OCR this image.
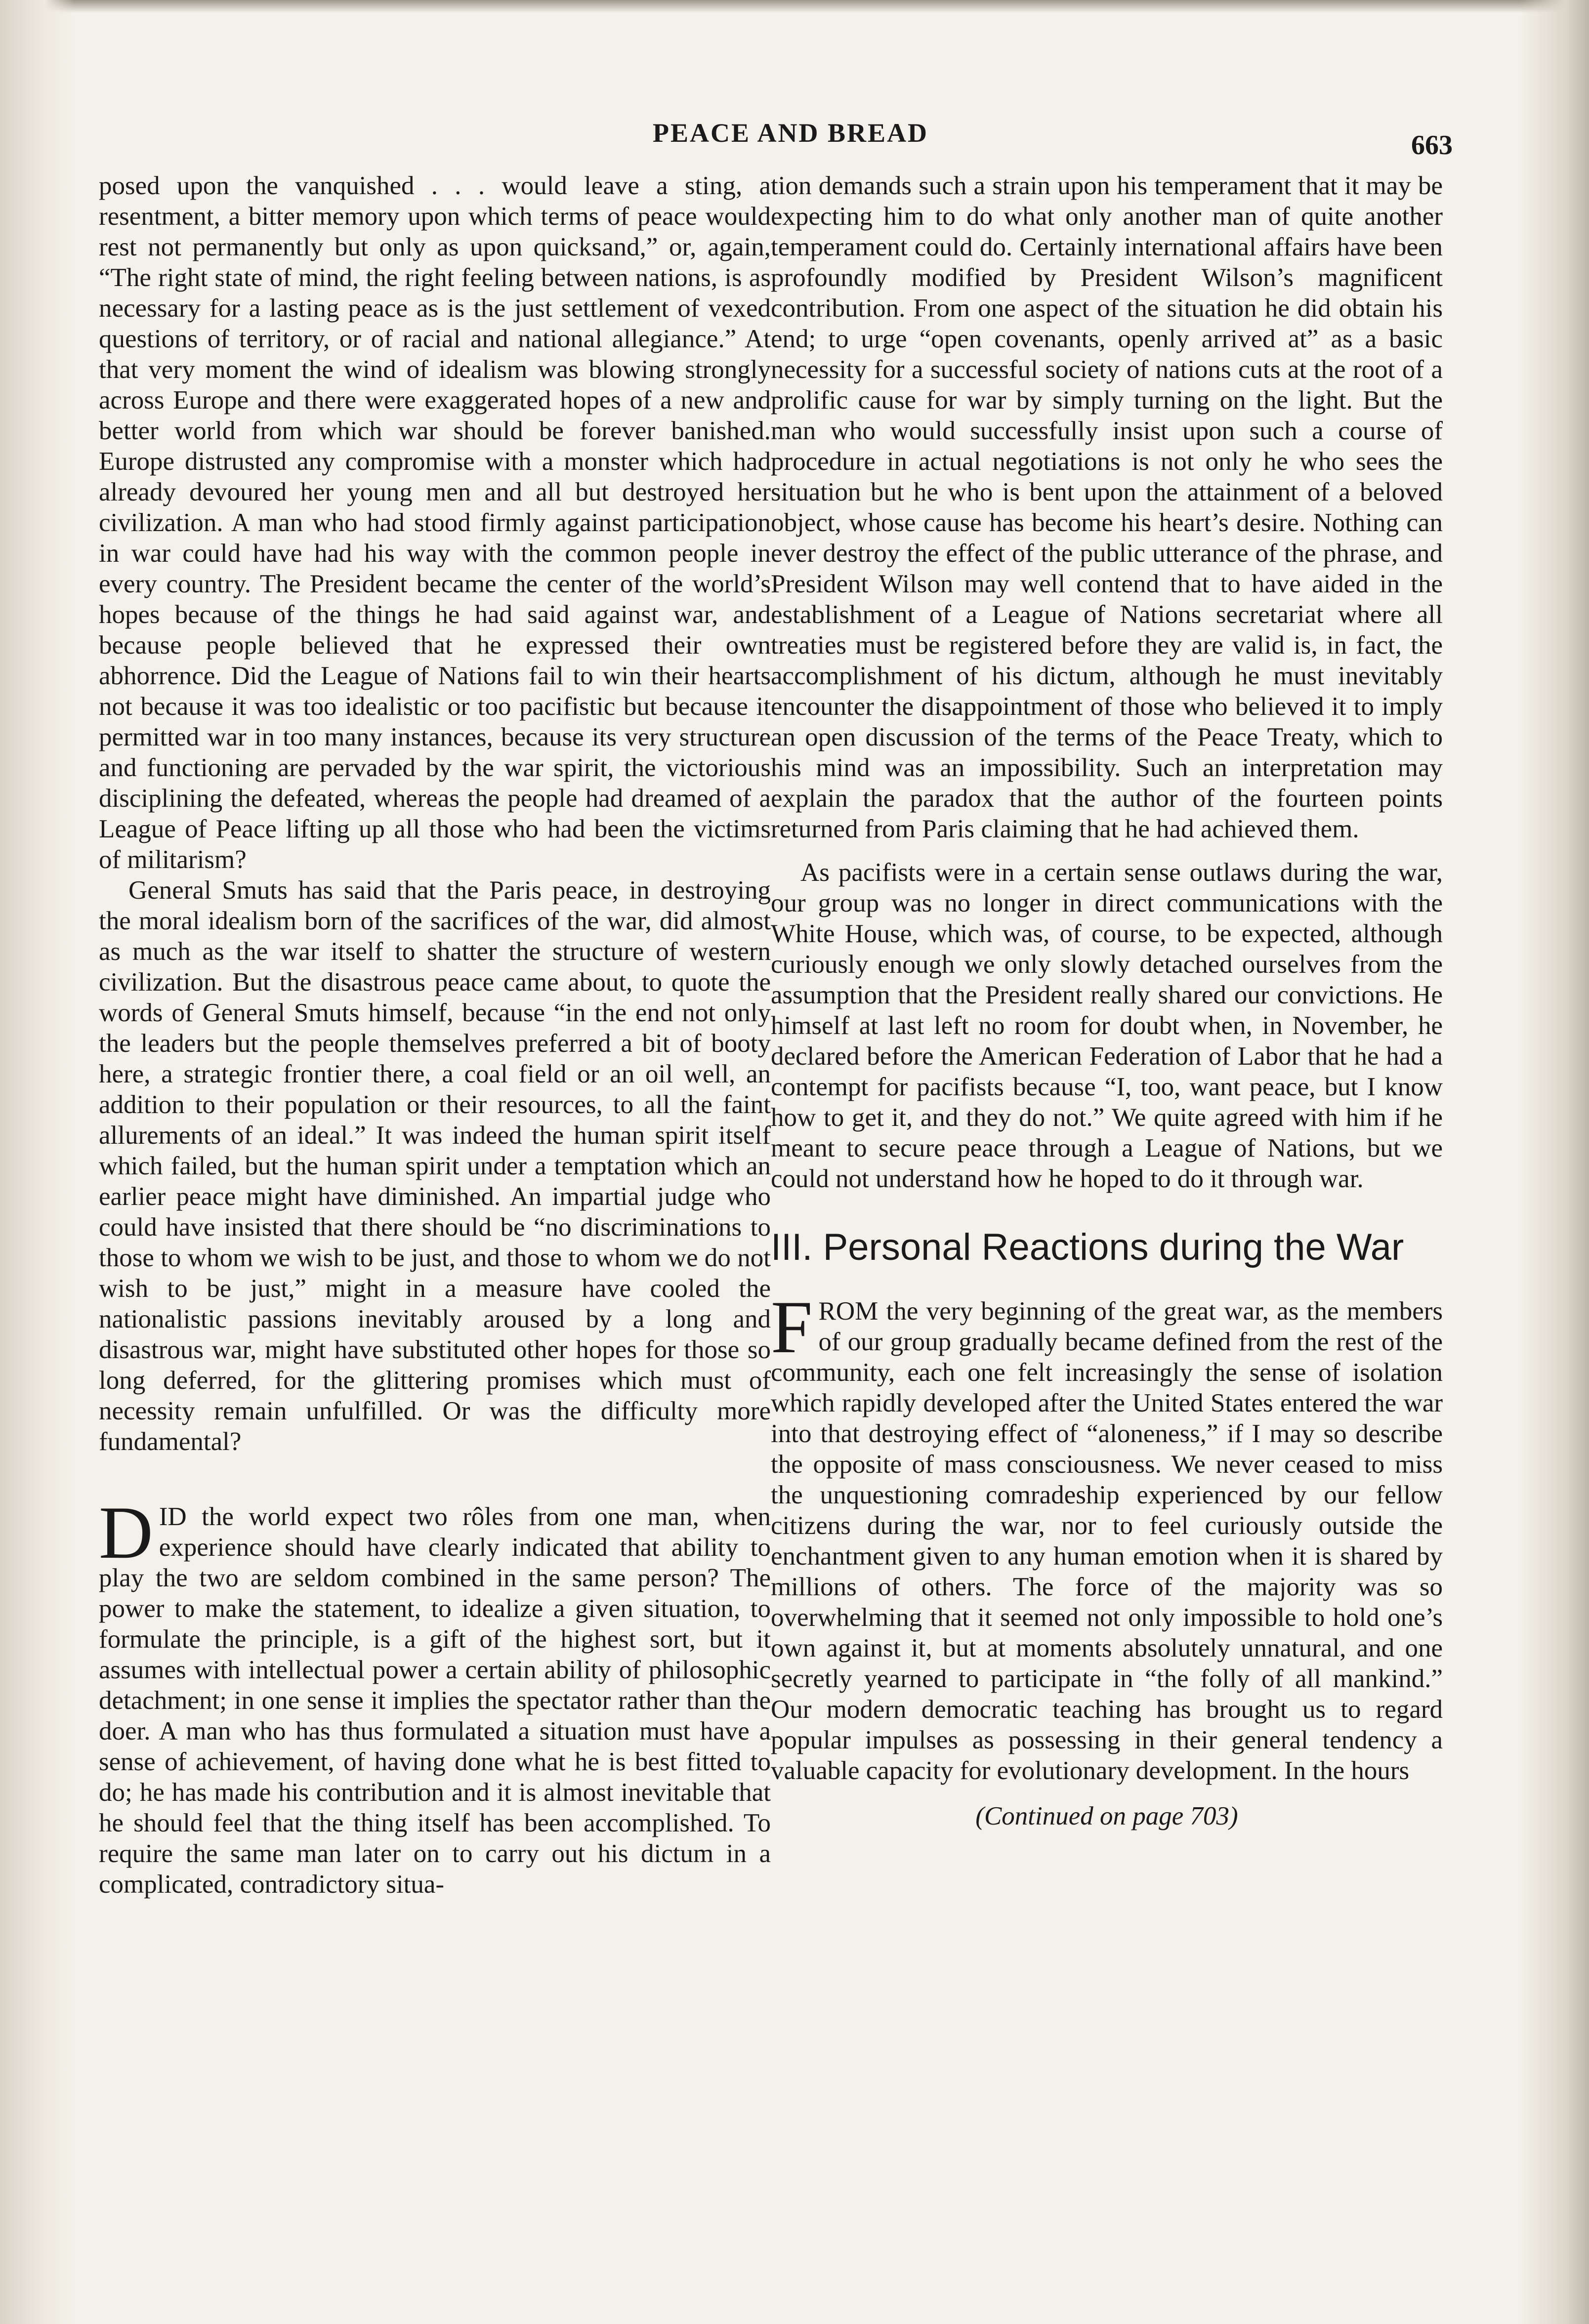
PEACE AND BREAD	663

posed upon the vanquished . . . would leave a sting, a resentment, a bitter memory upon which terms of peace would rest not permanently but only as upon quicksand,” or, again, “The right state of mind, the right feeling between nations, is as necessary for a lasting peace as is the just settlement of vexed questions of territory, or of racial and national allegiance.” At that very moment the wind of idealism was blowing strongly across Europe and there were exaggerated hopes of a new and better world from which war should be forever banished. Europe distrusted any compromise with a monster which had already devoured her young men and all but destroyed her civilization. A man who had stood firmly against participation in war could have had his way with the common people in every country. The President became the center of the world’s hopes because of the things he had said against war, and because people believed that he expressed their own abhorrence. Did the League of Nations fail to win their hearts not because it was too idealistic or too pacifistic but because it permitted war in too many instances, because its very structure and functioning are pervaded by the war spirit, the victorious disciplining the defeated, whereas the people had dreamed of a League of Peace lifting up all those who had been the victims of militarism?

General Smuts has said that the Paris peace, in destroying the moral idealism born of the sacrifices of the war, did almost as much as the war itself to shatter the structure of western civilization. But the disastrous peace came about, to quote the words of General Smuts himself, because “in the end not only the leaders but the people themselves preferred a bit of booty here, a strategic frontier there, a coal field or an oil well, an addition to their population or their resources, to all the faint allurements of an ideal.” It was indeed the human spirit itself which failed, but the human spirit under a temptation which an earlier peace might have diminished. An impartial judge who could have insisted that there should be “no discriminations to those to whom we wish to be just, and those to whom we do not wish to be just,” might in a measure have cooled the nationalistic passions inevitably aroused by a long and disastrous war, might have substituted other hopes for those so long deferred, for the glittering promises which must of necessity remain unfulfilled. Or was the difficulty more fundamental?

DID the world expect two rôles from one man, when experience should have clearly indicated that ability to play the two are seldom combined in the same person? The power to make the statement, to idealize a given situation, to formulate the principle, is a gift of the highest sort, but it assumes with intellectual power a certain ability of philosophic detachment; in one sense it implies the spectator rather than the doer. A man who has thus formulated a situation must have a sense of achievement, of having done what he is best fitted to do; he has made his contribution and it is almost inevitable that he should feel that the thing itself has been accomplished. To require the same man later on to carry out his dictum in a complicated, contradictory situa-

tion demands such a strain upon his temperament that it may be expecting him to do what only another man of quite another temperament could do. Certainly international affairs have been profoundly modified by President Wilson’s magnificent contribution. From one aspect of the situation he did obtain his end; to urge “open covenants, openly arrived at” as a basic necessity for a successful society of nations cuts at the root of a prolific cause for war by simply turning on the light. But the man who would successfully insist upon such a course of procedure in actual negotiations is not only he who sees the situation but he who is bent upon the attainment of a beloved object, whose cause has become his heart’s desire. Nothing can ever destroy the effect of the public utterance of the phrase, and President Wilson may well contend that to have aided in the establishment of a League of Nations secretariat where all treaties must be registered before they are valid is, in fact, the accomplishment of his dictum, although he must inevitably encounter the disappointment of those who believed it to imply an open discussion of the terms of the Peace Treaty, which to his mind was an impossibility. Such an interpretation may explain the paradox that the author of the fourteen points returned from Paris claiming that he had achieved them.

As pacifists were in a certain sense outlaws during the war, our group was no longer in direct communications with the White House, which was, of course, to be expected, although curiously enough we only slowly detached ourselves from the assumption that the President really shared our convictions. He himself at last left no room for doubt when, in November, he declared before the American Federation of Labor that he had a contempt for pacifists because “I, too, want peace, but I know how to get it, and they do not.” We quite agreed with him if he meant to secure peace through a League of Nations, but we could not understand how he hoped to do it through war.

III. Personal Reactions during the War

FROM the very beginning of the great war, as the members of our group gradually became defined from the rest of the community, each one felt increasingly the sense of isolation which rapidly developed after the United States entered the war into that destroying effect of “aloneness,” if I may so describe the opposite of mass consciousness. We never ceased to miss the unquestioning comradeship experienced by our fellow citizens during the war, nor to feel curiously outside the enchantment given to any human emotion when it is shared by millions of others. The force of the majority was so overwhelming that it seemed not only impossible to hold one’s own against it, but at moments absolutely unnatural, and one secretly yearned to participate in “the folly of all mankind.” Our modern democratic teaching has brought us to regard popular impulses as possessing in their general tendency a valuable capacity for evolutionary development. In the hours

(Continued on page 703)
